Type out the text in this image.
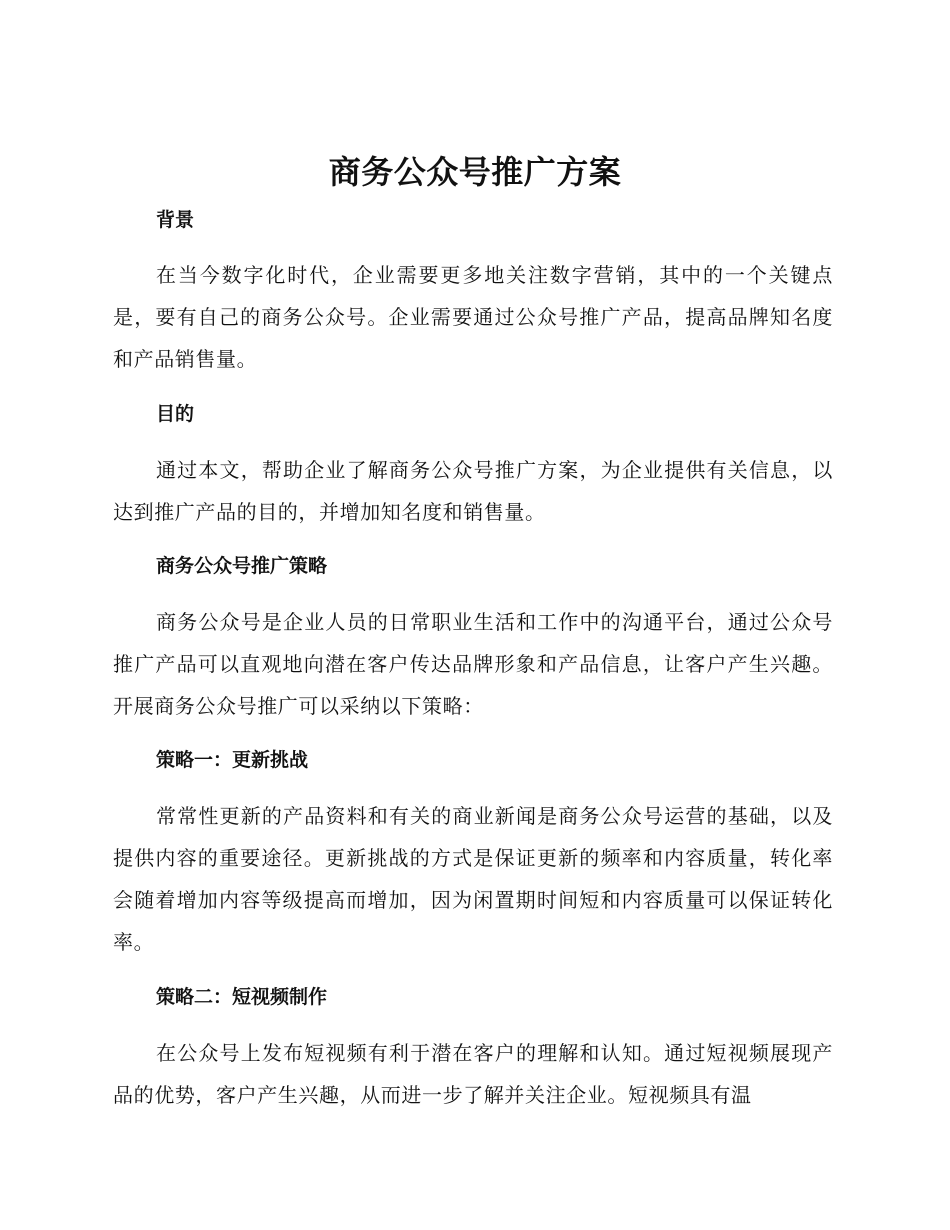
商务公众号推广方案
背景

在当今数字化时代，企业需要更多地关注数字营销，其中的一个关键点是，要有自己的商务公众号。企业需要通过公众号推广产品，提高品牌知名度和产品销售量。

目的

通过本文，帮助企业了解商务公众号推广方案，为企业提供有关信息，以达到推广产品的目的，并增加知名度和销售量。

商务公众号推广策略

商务公众号是企业人员的日常职业生活和工作中的沟通平台，通过公众号推广产品可以直观地向潜在客户传达品牌形象和产品信息，让客户产生兴趣。开展商务公众号推广可以采纳以下策略：

策略一：更新挑战

常常性更新的产品资料和有关的商业新闻是商务公众号运营的基础，以及提供内容的重要途径。更新挑战的方式是保证更新的频率和内容质量，转化率会随着增加内容等级提高而增加，因为闲置期时间短和内容质量可以保证转化率。

策略二：短视频制作

在公众号上发布短视频有利于潜在客户的理解和认知。通过短视频展现产品的优势，客户产生兴趣，从而进一步了解并关注企业。短视频具有温
